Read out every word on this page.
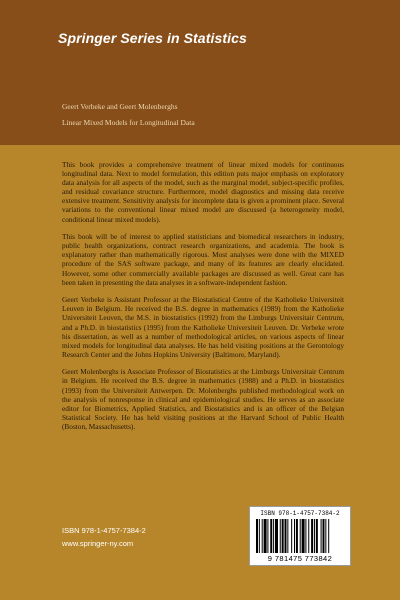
Springer Series in Statistics

Geert Verbeke and Geert Molenberghs

Linear Mixed Models for Longitudinal Data

This book provides a comprehensive treatment of linear mixed models for continuous longitudinal data. Next to model formulation, this edition puts major emphasis on exploratory data analysis for all aspects of the model, such as the marginal model, subject-specific profiles, and residual covariance structure. Furthermore, model diagnostics and missing data receive extensive treatment. Sensitivity analysis for incomplete data is given a prominent place. Several variations to the conventional linear mixed model are discussed (a heterogeneity model, conditional linear mixed models).

This book will be of interest to applied statisticians and biomedical researchers in industry, public health organizations, contract research organizations, and academia. The book is explanatory rather than mathematically rigorous. Most analyses were done with the MIXED procedure of the SAS software package, and many of its features are clearly elucidated. However, some other commercially available packages are discussed as well. Great care has been taken in presenting the data analyses in a software-independent fashion.

Geert Verbeke is Assistant Professor at the Biostatistical Centre of the Katholieke Universiteit Leuven in Belgium. He received the B.S. degree in mathematics (1989) from the Katholieke Universiteit Leuven, the M.S. in biostatistics (1992) from the Limburgs Universitair Centrum, and a Ph.D. in biostatistics (1995) from the Katholieke Universiteit Leuven. Dr. Verbeke wrote his dissertation, as well as a number of methodological articles, on various aspects of linear mixed models for longitudinal data analyses. He has held visiting positions at the Gerontology Research Center and the Johns Hopkins University (Baltimore, Maryland).

Geert Molenberghs is Associate Professor of Biostatistics at the Limburgs Universitair Centrum in Belgium. He received the B.S. degree in mathematics (1988) and a Ph.D. in biostatistics (1993) from the Universiteit Antwerpen. Dr. Molenberghs published methodological work on the analysis of nonresponse in clinical and epidemiological studies. He serves as an associate editor for Biometrics, Applied Statistics, and Biostatistics and is an officer of the Belgian Statistical Society. He has held visiting positions at the Harvard School of Public Health (Boston, Massachusetts).

ISBN 978-1-4757-7384-2

www.springer-ny.com

ISBN 978-1-4757-7384-2

9 781475 773842
